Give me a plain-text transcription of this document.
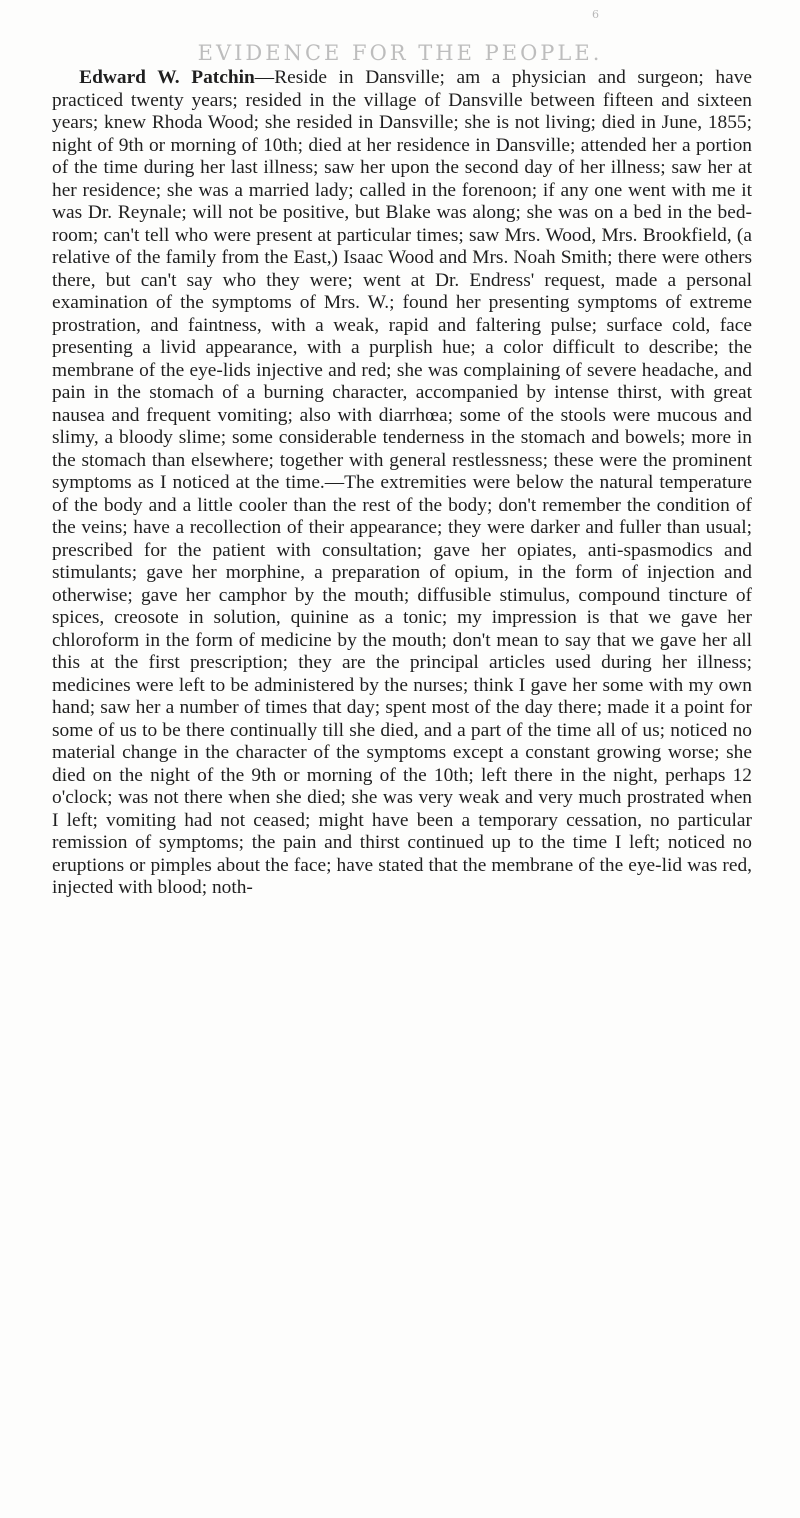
6
EVIDENCE FOR THE PEOPLE.

Edward W. Patchin—Reside in Dansville; am a physician and surgeon; have practiced twenty years; resided in the village of Dansville between fifteen and sixteen years; knew Rhoda Wood; she resided in Dansville; she is not living; died in June, 1855; night of 9th or morning of 10th; died at her residence in Dansville; attended her a portion of the time during her last illness; saw her upon the second day of her illness; saw her at her residence; she was a married lady; called in the forenoon; if any one went with me it was Dr. Reynale; will not be positive, but Blake was along; she was on a bed in the bed-room; can't tell who were present at particular times; saw Mrs. Wood, Mrs. Brookfield, (a relative of the family from the East,) Isaac Wood and Mrs. Noah Smith; there were others there, but can't say who they were; went at Dr. Endress' request, made a personal examination of the symptoms of Mrs. W.; found her presenting symptoms of extreme prostration, and faintness, with a weak, rapid and faltering pulse; surface cold, face presenting a livid appearance, with a purplish hue; a color difficult to describe; the membrane of the eye-lids injective and red; she was complaining of severe headache, and pain in the stomach of a burning character, accompanied by intense thirst, with great nausea and frequent vomiting; also with diarrhœa; some of the stools were mucous and slimy, a bloody slime; some considerable tenderness in the stomach and bowels; more in the stomach than elsewhere; together with general restlessness; these were the prominent symptoms as I noticed at the time.—The extremities were below the natural temperature of the body and a little cooler than the rest of the body; don't remember the condition of the veins; have a recollection of their appearance; they were darker and fuller than usual; prescribed for the patient with consultation; gave her opiates, anti-spasmodics and stimulants; gave her morphine, a preparation of opium, in the form of injection and otherwise; gave her camphor by the mouth; diffusible stimulus, compound tincture of spices, creosote in solution, quinine as a tonic; my impression is that we gave her chloroform in the form of medicine by the mouth; don't mean to say that we gave her all this at the first prescription; they are the principal articles used during her illness; medicines were left to be administered by the nurses; think I gave her some with my own hand; saw her a number of times that day; spent most of the day there; made it a point for some of us to be there continually till she died, and a part of the time all of us; noticed no material change in the character of the symptoms except a constant growing worse; she died on the night of the 9th or morning of the 10th; left there in the night, perhaps 12 o'clock; was not there when she died; she was very weak and very much prostrated when I left; vomiting had not ceased; might have been a temporary cessation, no particular remission of symptoms; the pain and thirst continued up to the time I left; noticed no eruptions or pimples about the face; have stated that the membrane of the eye-lid was red, injected with blood; noth-
